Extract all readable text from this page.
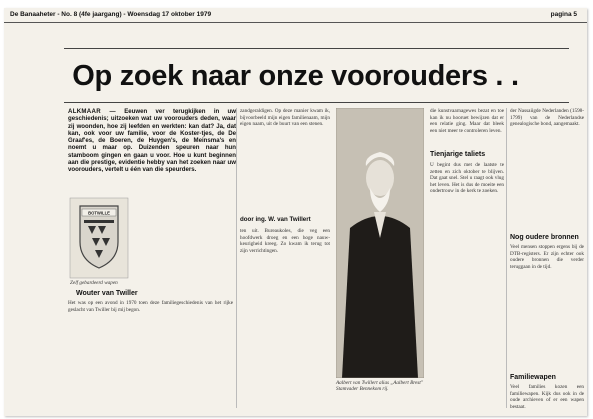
De Banaaheter - No. 8 (4fe jaargang) - Woensdag 17 oktober 1979	pagina 5
Op zoek naar onze voorouders . .
ALKMAAR — Eeuwen ver terugkijken in uw geschiedenis; uitzoeken wat uw voorouders deden, waar zij woonden, hoe zij leefden en werkten: kan dat? Ja, dat kan, ook voor uw familie, voor de Koster-tjes, de De Graaf'es, de Boeren, de Huygen's, de Meinsma's en noemt u maar op. Duizenden speuren naar hun stamboom gingen en gaan u voor. Hoe u kunt beginnen aan die prestige, evidentie hebby van het zoeken naar uw voorouders, vertelt u één van die speurders.
BOTWILLE
Zelf gebardeerd wapen
Wouter van Twiller
Het was op een avond in 1970 toen deze familiegeschiedenis van het rijke geslacht van Twiller bij mij begon.
zandgeraldigen. Op deze manier kwam ik, bijvoorbeeld mijn eigen familienaam, mijn eigen naam, uit de buurt van een stenen.
door ing. W. van Twillert
ten uit. Bureaukoles, die veg een hoofdwerk droeg en een hoge nauw-keurigheid kreeg. Zo kwam ik terug tot zijn verrichtingen.
Aalbert van Twillert alias „Aalbert Brest" Stamvader Bennekom rij.
die kunstvaarnagewes bezat en toe kan ik nu hooruet bewijzen dat er een relatie ging. Maar dat bleek een niet meer te controleren leven.
Tienjarige taliets
U begint dus met de laatste te zetten en zich oktober te blijven. Dat gaat snel. Stel u raagt ook vlug het leven. Het is dus de moeite een ondertrouw in de kerk te zoeken.
der Nassaiigde Nederlanden (1598-1799) van de Nederlandse genealogische bond, aangemaakt.
Nog oudere bronnen
Veel mensen stoppen ergens bij de DTB-registers. Er zijn echter ook oudere bronnen die verder teruggaan in de tijd.
Familiewapen
Veel families kozen een familiewapen. Kijk dus ook in de oude archieven of er een wapen bestaat.
